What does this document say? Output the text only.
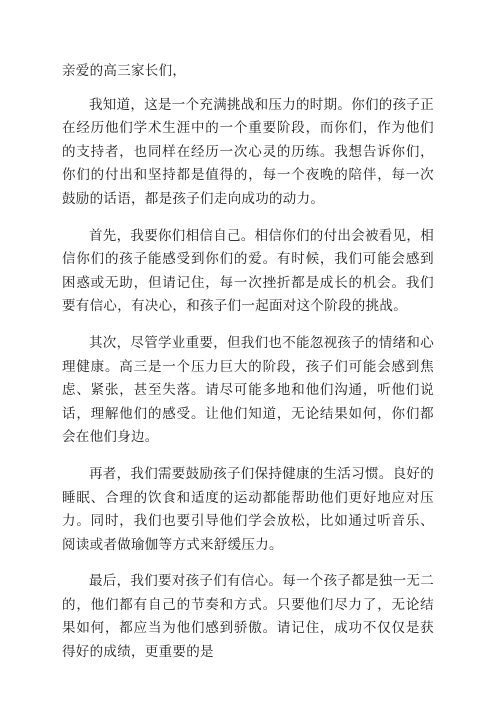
亲爱的高三家长们，

我知道，这是一个充满挑战和压力的时期。你们的孩子正在经历他们学术生涯中的一个重要阶段，而你们，作为他们的支持者，也同样在经历一次心灵的历练。我想告诉你们，你们的付出和坚持都是值得的，每一个夜晚的陪伴，每一次鼓励的话语，都是孩子们走向成功的动力。

首先，我要你们相信自己。相信你们的付出会被看见，相信你们的孩子能感受到你们的爱。有时候，我们可能会感到困惑或无助，但请记住，每一次挫折都是成长的机会。我们要有信心，有决心，和孩子们一起面对这个阶段的挑战。

其次，尽管学业重要，但我们也不能忽视孩子的情绪和心理健康。高三是一个压力巨大的阶段，孩子们可能会感到焦虑、紧张，甚至失落。请尽可能多地和他们沟通，听他们说话，理解他们的感受。让他们知道，无论结果如何，你们都会在他们身边。

再者，我们需要鼓励孩子们保持健康的生活习惯。良好的睡眠、合理的饮食和适度的运动都能帮助他们更好地应对压力。同时，我们也要引导他们学会放松，比如通过听音乐、阅读或者做瑜伽等方式来舒缓压力。

最后，我们要对孩子们有信心。每一个孩子都是独一无二的，他们都有自己的节奏和方式。只要他们尽力了，无论结果如何，都应当为他们感到骄傲。请记住，成功不仅仅是获得好的成绩，更重要的是
